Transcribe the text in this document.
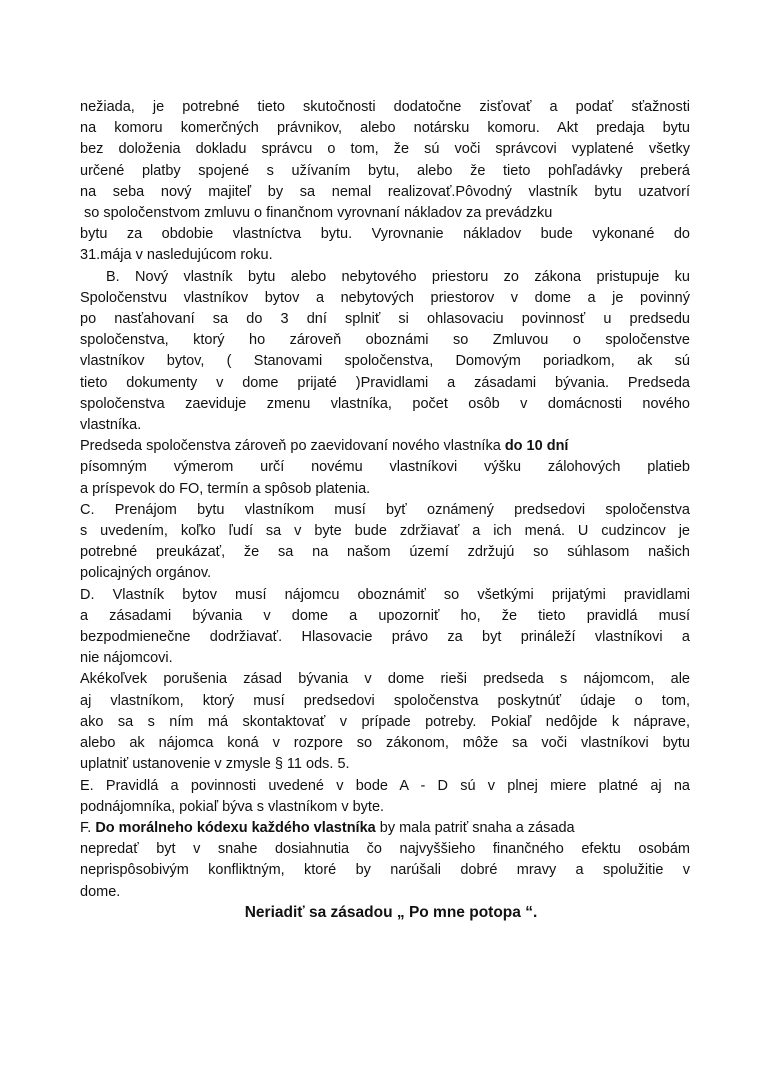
nežiada, je potrebné tieto skutočnosti dodatočne zisťovať a podať sťažnosti
na komoru komerčných právnikov, alebo notársku komoru. Akt predaja bytu
bez doloženia dokladu správcu o tom, že sú voči správcovi vyplatené všetky
určené platby spojené s užívaním bytu, alebo že tieto pohľadávky preberá
na seba nový majiteľ by sa nemal realizovať.Pôvodný vlastník bytu uzatvorí
so spoločenstvom zmluvu o finančnom vyrovnaní nákladov za prevádzku
bytu za obdobie vlastníctva bytu. Vyrovnanie nákladov bude vykonané do
31.mája v nasledujúcom roku.
B. Nový vlastník bytu alebo nebytového priestoru zo zákona pristupuje ku
Spoločenstvu vlastníkov bytov a nebytových priestorov v dome a je povinný
po nasťahovaní sa do 3 dní splniť si ohlasovaciu povinnosť u predsedu
spoločenstva, ktorý ho zároveň oboznámi so Zmluvou o spoločenstve
vlastníkov bytov, ( Stanovami spoločenstva, Domovým poriadkom, ak sú
tieto dokumenty v dome prijaté )Pravidlami a zásadami bývania. Predseda
spoločenstva zaeviduje zmenu vlastníka, počet osôb v domácnosti nového
vlastníka.
Predseda spoločenstva zároveň po zaevidovaní nového vlastníka do 10 dní
písomným výmerom určí novému vlastníkovi výšku zálohových platieb
a príspevok do FO, termín a spôsob platenia.
C. Prenájom bytu vlastníkom musí byť oznámený predsedovi spoločenstva
s uvedením, koľko ľudí sa v byte bude zdržiavať a ich mená. U cudzincov je
potrebné preukázať, že sa na našom území zdržujú so súhlasom našich
policajných orgánov.
D. Vlastník bytov musí nájomcu oboznámiť so všetkými prijatými pravidlami
a zásadami bývania v dome a upozorniť ho, že tieto pravidlá musí
bezpodmienečne dodržiavať. Hlasovacie právo za byt prináleží vlastníkovi a
nie nájomcovi.
Akékoľvek porušenia zásad bývania v dome rieši predseda s nájomcom, ale
aj vlastníkom, ktorý musí predsedovi spoločenstva poskytnúť údaje o tom,
ako sa s ním má skontaktovať v prípade potreby. Pokiaľ nedôjde k náprave,
alebo ak nájomca koná v rozpore so zákonom, môže sa voči vlastníkovi bytu
uplatniť ustanovenie v zmysle § 11 ods. 5.
E. Pravidlá a povinnosti uvedené v bode A - D sú v plnej miere platné aj na
podnájomníka, pokiaľ býva s vlastníkom v byte.
F. Do morálneho kódexu každého vlastníka by mala patriť snaha a zásada
nepredať byt v snahe dosiahnutia čo najvyššieho finančného efektu osobám
neprispôsobivým konfliktným, ktoré by narúšali dobré mravy a spolužitie v
dome.
Neriadiť sa zásadou „ Po mne potopa “.
